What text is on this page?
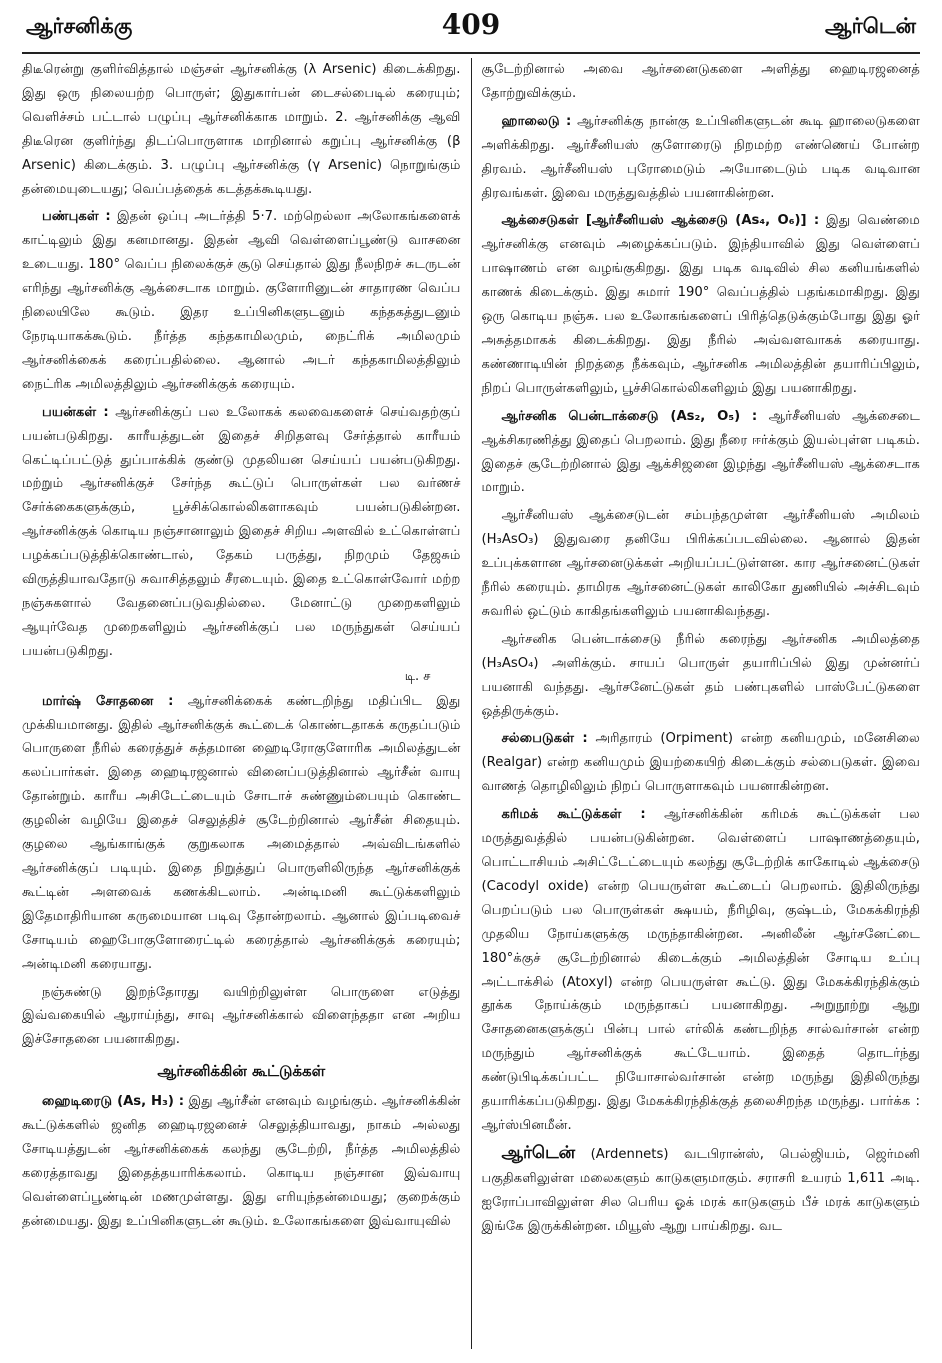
ஆர்சனிக்கு	409	ஆர்டென்

திடீரென்று குளிர்வித்தால் மஞ்சள் ஆர்சனிக்கு (λ Arsenic) கிடைக்கிறது. இது ஒரு நிலையற்ற பொருள்; இதுகார்பன் டைசல்பைடில் கரையும்; வெளிச்சம் பட்டால் பழுப்பு ஆர்சனிக்காக மாறும். 2. ஆர்சனிக்கு ஆவி திடீரென குளிர்ந்து திடப்பொருளாக மாறினால் கறுப்பு ஆர்சனிக்கு (β Arsenic) கிடைக்கும். 3. பழுப்பு ஆர்சனிக்கு (γ Arsenic) நொறுங்கும் தன்மையுடையது; வெப்பத்தைக் கடத்தக்கூடியது.

பண்புகள் : இதன் ஒப்பு அடர்த்தி 5·7. மற்றெல்லா அலோகங்களைக் காட்டிலும் இது கனமானது. இதன் ஆவி வெள்ளைப்பூண்டு வாசனை உடையது. 180° வெப்ப நிலைக்குச் சூடு செய்தால் இது நீலநிறச் சுடருடன் எரிந்து ஆர்சனிக்கு ஆக்சைடாக மாறும். குளோரினுடன் சாதாரண வெப்ப நிலையிலே கூடும். இதர உப்பினிகளுடனும் கந்தகத்துடனும் நேரடியாகக்கூடும். நீர்த்த கந்தகாமிலமும், நைட்ரிக் அமிலமும் ஆர்சனிக்கைக் கரைப்பதில்லை. ஆனால் அடர் கந்தகாமிலத்திலும் நைட்ரிக அமிலத்திலும் ஆர்சனிக்குக் கரையும்.

பயன்கள் : ஆர்சனிக்குப் பல உலோகக் கலவைகளைச் செய்வதற்குப் பயன்படுகிறது. காரீயத்துடன் இதைச் சிறிதளவு சேர்த்தால் காரீயம் கெட்டிப்பட்டுத் துப்பாக்கிக் குண்டு முதலியன செய்யப் பயன்படுகிறது. மற்றும் ஆர்சனிக்குச் சேர்ந்த கூட்டுப் பொருள்கள் பல வர்ணச் சேர்க்கைகளுக்கும், பூச்சிக்கொல்லிகளாகவும் பயன்படுகின்றன. ஆர்சனிக்குக் கொடிய நஞ்சானாலும் இதைச் சிறிய அளவில் உட்கொள்ளப் பழக்கப்படுத்திக்கொண்டால், தேகம் பருத்து, நிறமும் தேஜசும் விருத்தியாவதோடு சுவாசித்தலும் சீரடையும். இதை உட்கொள்வோர் மற்ற நஞ்சுகளால் வேதனைப்படுவதில்லை. மேனாட்டு முறைகளிலும் ஆயுர்வேத முறைகளிலும் ஆர்சனிக்குப் பல மருந்துகள் செய்யப் பயன்படுகிறது.

டி. ச

மார்ஷ் சோதனை : ஆர்சனிக்கைக் கண்டறிந்து மதிப்பிட இது முக்கியமானது. இதில் ஆர்சனிக்குக் கூட்டைக் கொண்டதாகக் கருதப்படும் பொருளை நீரில் கரைத்துச் சுத்தமான ஹைடிரோகுளோரிக அமிலத்துடன் கலப்பார்கள். இதை ஹைடிரஜனால் வினைப்படுத்தினால் ஆர்சீன் வாயு தோன்றும். காரீய அசிடேட்டையும் சோடாச் சுண்ணும்பையும் கொண்ட குழலின் வழியே இதைச் செலுத்திச் சூடேற்றினால் ஆர்சீன் சிதையும். குழலை ஆங்காங்குக் குறுகலாக அமைத்தால் அவ்விடங்களில் ஆர்சனிக்குப் படியும். இதை நிறுத்துப் பொருளிலிருந்த ஆர்சனிக்குக் கூட்டின் அளவைக் கணக்கிடலாம். அன்டிமனி கூட்டுக்களிலும் இதேமாதிரியான கருமையான படிவு தோன்றலாம். ஆனால் இப்படிவைச் சோடியம் ஹைபோகுளோரைட்டில் கரைத்தால் ஆர்சனிக்குக் கரையும்; அன்டிமனி கரையாது.

நஞ்சுண்டு இறந்தோரது வயிற்றிலுள்ள பொருளை எடுத்து இவ்வகையில் ஆராய்ந்து, சாவு ஆர்சனிக்கால் விளைந்ததா என அறிய இச்சோதனை பயனாகிறது.

ஆர்சனிக்கின் கூட்டுக்கள்

ஹைடிரைடு (As, H₃) : இது ஆர்சீன் எனவும் வழங்கும். ஆர்சனிக்கின் கூட்டுக்களில் ஜனித ஹைடிரஜனைச் செலுத்தியாவது, நாகம் அல்லது சோடியத்துடன் ஆர்சனிக்கைக் கலந்து சூடேற்றி, நீர்த்த அமிலத்தில் கரைத்தாவது இதைத்தயாரிக்கலாம். கொடிய நஞ்சான இவ்வாயு வெள்ளைப்பூண்டின் மணமுள்ளது. இது எரியுந்தன்மையது; குறைக்கும் தன்மையது. இது உப்பினிகளுடன் கூடும். உலோகங்களை இவ்வாயுவில்

சூடேற்றினால் அவை ஆர்சனைடுகளை அளித்து ஹைடிரஜனைத் தோற்றுவிக்கும்.

ஹாலைடு : ஆர்சனிக்கு நான்கு உப்பினிகளுடன் கூடி ஹாலைடுகளை அளிக்கிறது. ஆர்சீனியஸ் குளோரைடு நிறமற்ற எண்ணெய் போன்ற திரவம். ஆர்சீனியஸ் புரோமைடும் அயோடைடும் படிக வடிவான திரவங்கள். இவை மருத்துவத்தில் பயனாகின்றன.

ஆக்சைடுகள் [ஆர்சீனியஸ் ஆக்சைடு (As₄, O₆)] : இது வெண்மை ஆர்சனிக்கு எனவும் அழைக்கப்படும். இந்தியாவில் இது வெள்ளைப் பாஷாணம் என வழங்குகிறது. இது படிக வடிவில் சில கனியங்களில் காணக் கிடைக்கும். இது சுமார் 190° வெப்பத்தில் பதங்கமாகிறது. இது ஒரு கொடிய நஞ்சு. பல உலோகங்களைப் பிரித்தெடுக்கும்போது இது ஓர் அசுத்தமாகக் கிடைக்கிறது. இது நீரில் அவ்வளவாகக் கரையாது. கண்ணாடியின் நிறத்தை நீக்கவும், ஆர்சனிக அமிலத்தின் தயாரிப்பிலும், நிறப் பொருள்களிலும், பூச்சிகொல்லிகளிலும் இது பயனாகிறது.

ஆர்சனிக பென்டாக்சைடு (As₂, O₅) : ஆர்சீனியஸ் ஆக்சைடை ஆக்சிகரணித்து இதைப் பெறலாம். இது நீரை ஈர்க்கும் இயல்புள்ள படிகம். இதைச் சூடேற்றினால் இது ஆக்சிஜனை இழந்து ஆர்சீனியஸ் ஆக்சைடாக மாறும்.

ஆர்சீனியஸ் ஆக்சைடுடன் சம்பந்தமுள்ள ஆர்சீனியஸ் அமிலம் (H₃AsO₃) இதுவரை தனியே பிரிக்கப்படவில்லை. ஆனால் இதன் உப்புக்களான ஆர்சனைடுக்கள் அறியப்பட்டுள்ளன. கார ஆர்சனைட்டுகள் நீரில் கரையும். தாமிரக ஆர்சனைட்டுகள் காலிகோ துணியில் அச்சிடவும் சுவரில் ஒட்டும் காகிதங்களிலும் பயனாகிவந்தது.

ஆர்சனிக பென்டாக்சைடு நீரில் கரைந்து ஆர்சனிக அமிலத்தை (H₃AsO₄) அளிக்கும். சாயப் பொருள் தயாரிப்பில் இது முன்னர்ப் பயனாகி வந்தது. ஆர்சனேட்டுகள் தம் பண்புகளில் பாஸ்பேட்டுகளை ஒத்திருக்கும்.

சல்பைடுகள் : அரிதாரம் (Orpiment) என்ற கனியமும், மனேசிலை (Realgar) என்ற கனியமும் இயற்கையிற் கிடைக்கும் சல்பைடுகள். இவை வாணத் தொழிலிலும் நிறப் பொருளாகவும் பயனாகின்றன.

கரிமக் கூட்டுக்கள் : ஆர்சனிக்கின் கரிமக் கூட்டுக்கள் பல மருத்துவத்தில் பயன்படுகின்றன. வெள்ளைப் பாஷாணத்தையும், பொட்டாசியம் அசிட்டேட்டையும் கலந்து சூடேற்றிக் காகோடில் ஆக்சைடு (Cacodyl oxide) என்ற பெயருள்ள கூட்டைப் பெறலாம். இதிலிருந்து பெறப்படும் பல பொருள்கள் க்ஷயம், நீரிழிவு, குஷ்டம், மேகக்கிரந்தி முதலிய நோய்களுக்கு மருந்தாகின்றன. அனிலீன் ஆர்சனேட்டை 180°க்குச் சூடேற்றினால் கிடைக்கும் அமிலத்தின் சோடிய உப்பு அட்டாக்சில் (Atoxyl) என்ற பெயருள்ள கூட்டு. இது மேகக்கிரந்திக்கும் தூக்க நோய்க்கும் மருந்தாகப் பயனாகிறது. அறுநூற்று ஆறு சோதனைகளுக்குப் பின்பு பால் எர்லிக் கண்டறிந்த சால்வர்சான் என்ற மருந்தும் ஆர்சனிக்குக் கூட்டேயாம். இதைத் தொடர்ந்து கண்டுபிடிக்கப்பட்ட நியோசால்வர்சான் என்ற மருந்து இதிலிருந்து தயாரிக்கப்படுகிறது. இது மேகக்கிரந்திக்குத் தலைசிறந்த மருந்து. பார்க்க : ஆர்ஸ்பினமீன்.

ஆர்டென் (Ardennets) வடபிரான்ஸ், பெல்ஜியம், ஜெர்மனி பகுதிகளிலுள்ள மலைகளும் காடுகளுமாகும். சராசரி உயரம் 1,611 அடி. ஐரோப்பாவிலுள்ள சில பெரிய ஓக் மரக் காடுகளும் பீச் மரக் காடுகளும் இங்கே இருக்கின்றன. மியூஸ் ஆறு பாய்கிறது. வட
